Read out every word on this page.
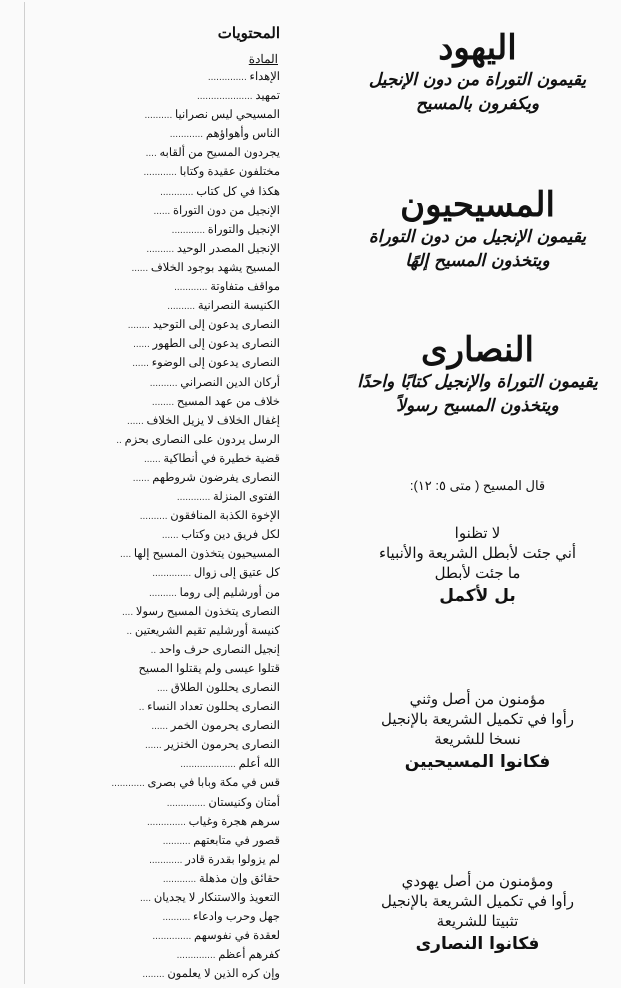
اليهود

يقيمون التوراة من دون الإنجيل

ويكفرون بالمسيح

المسيحيون

يقيمون الإنجيل من دون التوراة

ويتخذون المسيح إلهًا

النصارى

يقيمون التوراة والإنجيل كتابًا واحدًا

ويتخذون المسيح رسولاً

قال المسيح ( متى ٥: ١٢):
لا تظنوا
أني جئت لأبطل الشريعة والأنبياء
ما جئت لأبطل
بل لأكمل
مؤمنون من أصل وثني
رأوا في تكميل الشريعة بالإنجيل
نسخا للشريعة
فكانوا المسيحيين
ومؤمنون من أصل يهودي
رأوا في تكميل الشريعة بالإنجيل
تثبيتا للشريعة
فكانوا النصارى
المحتويات
المادة
الإهداء ..............
تمهيد ....................
المسيحي ليس نصرانيا ..........
الناس وأهواؤهم ............
يجردون المسيح من ألقابه ....
مختلفون عقيدة وكتابا ............
هكذا في كل كتاب ............
الإنجيل من دون التوراة ......
الإنجيل والتوراة ............
الإنجيل المصدر الوحيد ..........
المسيح يشهد بوجود الخلاف ......
مواقف متفاوتة ............
الكنيسة النصرانية ..........
النصارى يدعون إلى التوحيد ........
النصارى يدعون إلى الطهور ......
النصارى يدعون إلى الوضوء ......
أركان الدين النصراني ..........
خلاف من عهد المسيح ........
إغفال الخلاف لا يزيل الخلاف ......
الرسل يردون على النصارى بحزم ..
قضية خطيرة في أنطاكية ......
النصارى يفرضون شروطهم ......
الفتوى المنزلة ............
الإخوة الكذبة المنافقون ..........
لكل فريق دين وكتاب ......
المسيحيون يتخذون المسيح إلها ....
كل عتيق إلى زوال ..............
من أورشليم إلى روما ..........
النصارى يتخذون المسيح رسولا ....
كنيسة أورشليم تقيم الشريعتين ..
إنجيل النصارى حرف واحد ..
قتلوا عيسى ولم يقتلوا المسيح
النصارى يحللون الطلاق ....
النصارى يحللون تعداد النساء ..
النصارى يحرمون الخمر ......
النصارى يحرمون الخنزير ......
الله أعلم ....................
قس في مكة وبابا في بصرى ............
أمتان وكنيستان ..............
سرهم هجرة وغياب ..............
قصور في متابعتهم ..........
لم يزولوا بقدرة قادر ............
حقائق وإن مذهلة ............
التعويذ والاستنكار لا يجديان ....
جهل وحرب وادعاء ..........
لعقدة في نفوسهم ..............
كفرهم أعظم ..............
وإن كره الذين لا يعلمون ........
